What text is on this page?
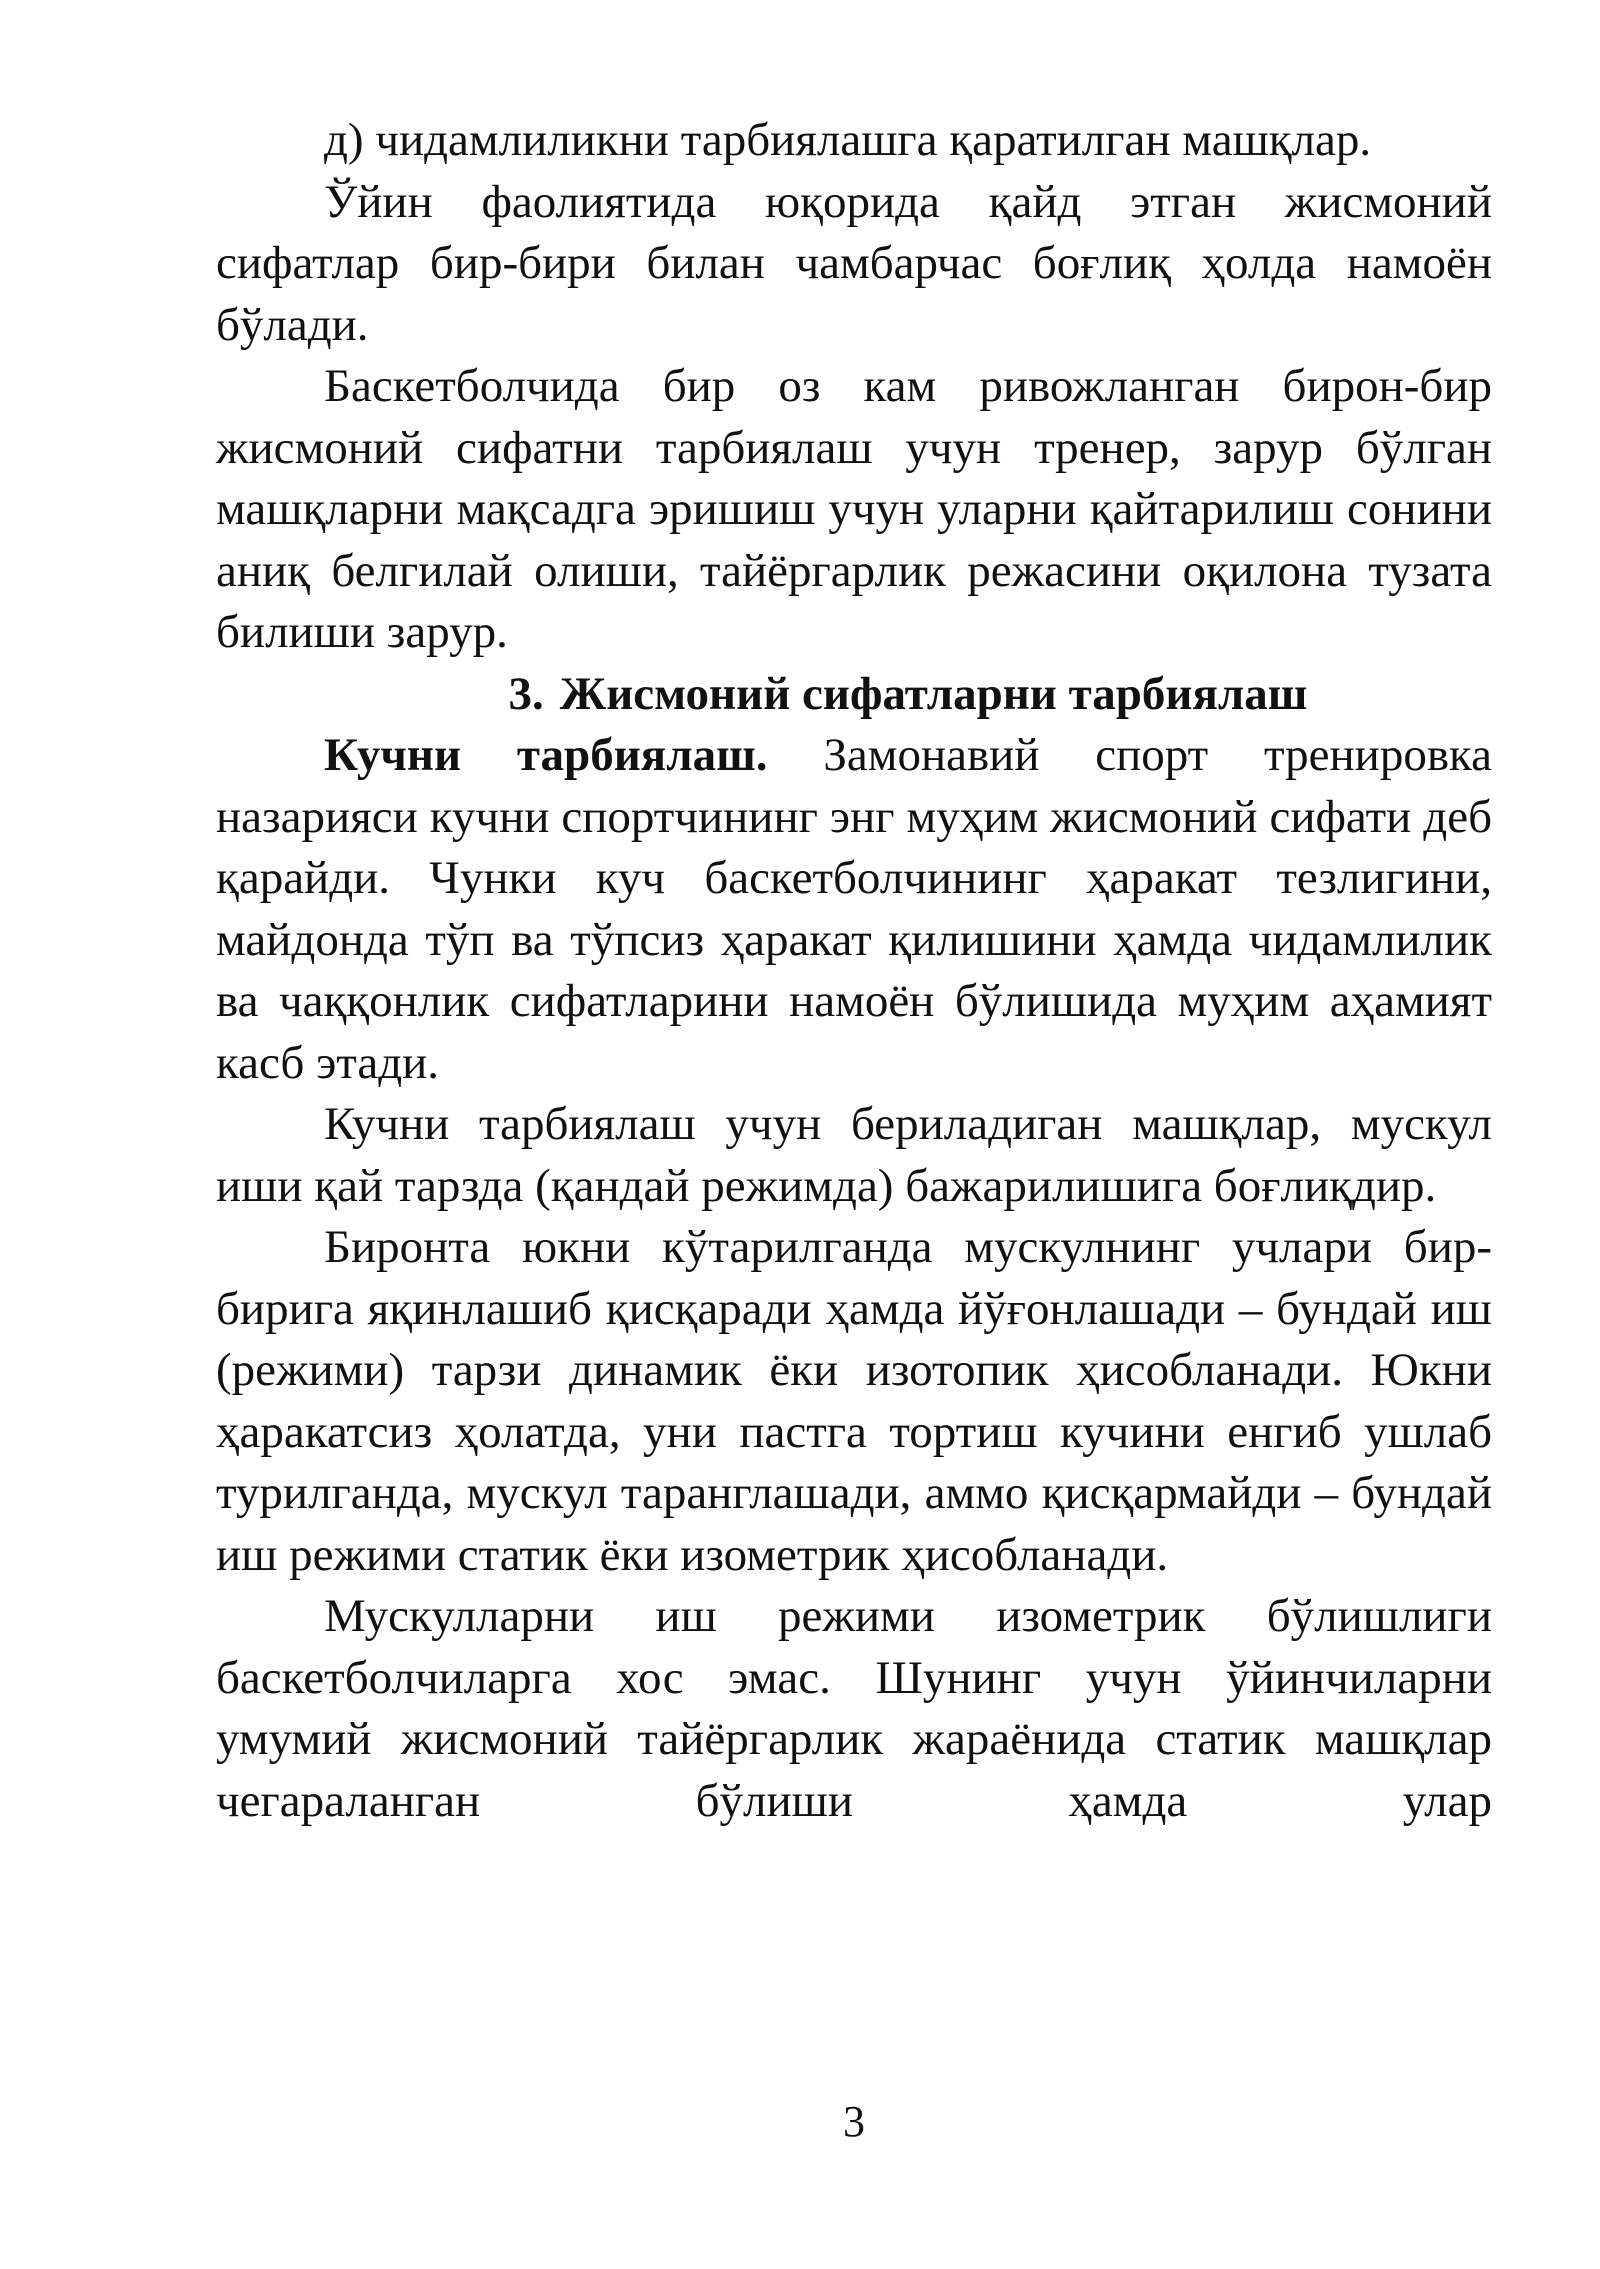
д) чидамлиликни тарбиялашга қаратилган машқлар.

Ўйин фаолиятида юқорида қайд этган жисмоний сифатлар бир-бири билан чамбарчас боғлиқ ҳолда намоён бўлади.

Баскетболчида бир оз кам ривожланган бирон-бир жисмоний сифатни тарбиялаш учун тренер, зарур бўлган машқларни мақсадга эришиш учун уларни қайтарилиш сонини аниқ белгилай олиши, тайёргарлик режасини оқилона тузата билиши зарур.

3. Жисмоний сифатларни тарбиялаш

Кучни тарбиялаш. Замонавий спорт тренировка назарияси кучни спортчининг энг муҳим жисмоний сифати деб қарайди. Чунки куч баскетболчининг ҳаракат тезлигини, майдонда тўп ва тўпсиз ҳаракат қилишини ҳамда чидамлилик ва чаққонлик сифатларини намоён бўлишида муҳим аҳамият касб этади.

Кучни тарбиялаш учун бериладиган машқлар, мускул иши қай тарзда (қандай режимда) бажарилишига боғлиқдир.

Биронта юкни кўтарилганда мускулнинг учлари бир-бирига яқинлашиб қисқаради ҳамда йўғонлашади – бундай иш (режими) тарзи динамик ёки изотопик ҳисобланади. Юкни ҳаракатсиз ҳолатда, уни пастга тортиш кучини енгиб ушлаб турилганда, мускул таранглашади, аммо қисқармайди – бундай иш режими статик ёки изометрик ҳисобланади.

Мускулларни иш режими изометрик бўлишлиги баскетболчиларга хос эмас. Шунинг учун ўйинчиларни умумий жисмоний тайёргарлик жараёнида статик машқлар чегараланган бўлиши ҳамда улар

3
